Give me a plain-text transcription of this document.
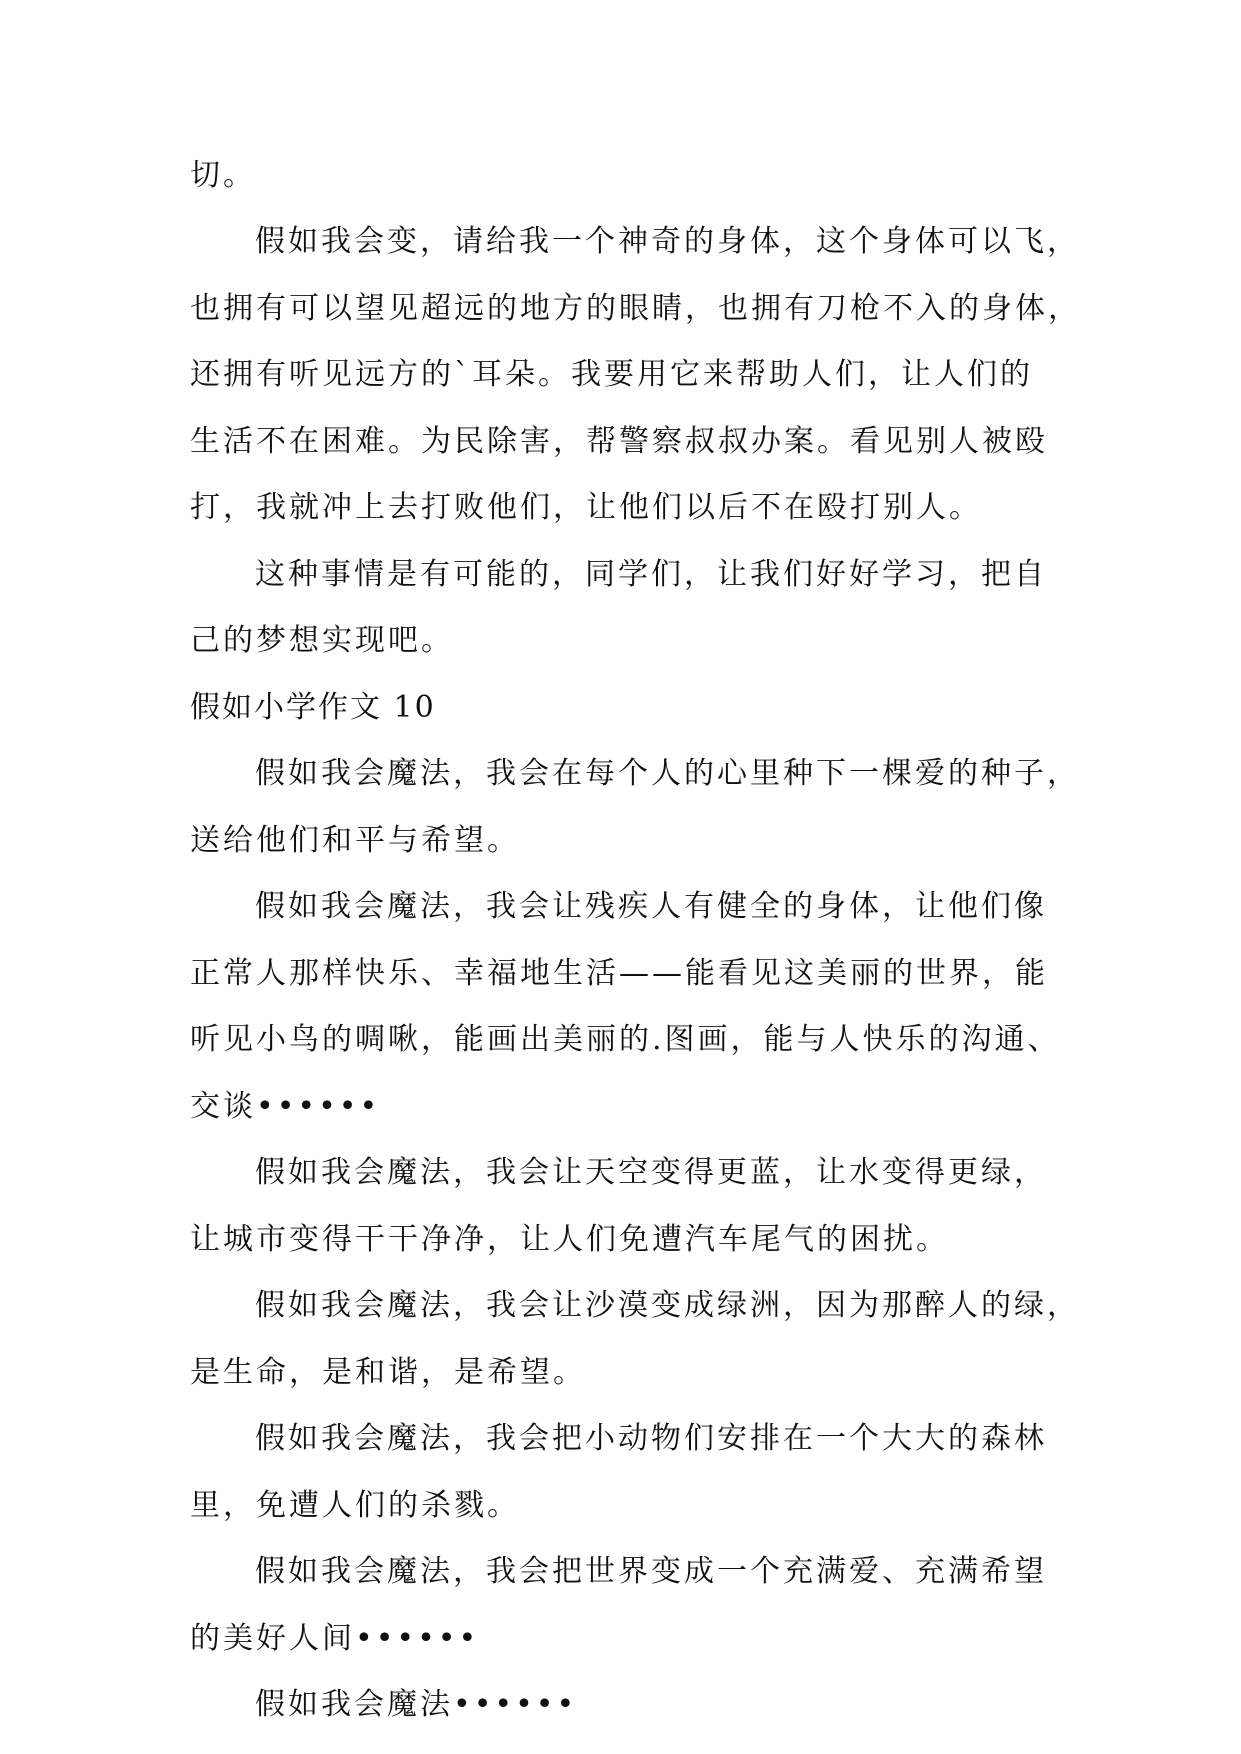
切。
假如我会变，请给我一个神奇的身体，这个身体可以飞，
也拥有可以望见超远的地方的眼睛，也拥有刀枪不入的身体，
还拥有听见远方的`耳朵。我要用它来帮助人们，让人们的
生活不在困难。为民除害，帮警察叔叔办案。看见别人被殴
打，我就冲上去打败他们，让他们以后不在殴打别人。
这种事情是有可能的，同学们，让我们好好学习，把自
己的梦想实现吧。
假如小学作文 10
假如我会魔法，我会在每个人的心里种下一棵爱的种子，
送给他们和平与希望。
假如我会魔法，我会让残疾人有健全的身体，让他们像
正常人那样快乐、幸福地生活——能看见这美丽的世界，能
听见小鸟的啁啾，能画出美丽的.图画，能与人快乐的沟通、
交谈••••••
假如我会魔法，我会让天空变得更蓝，让水变得更绿，
让城市变得干干净净，让人们免遭汽车尾气的困扰。
假如我会魔法，我会让沙漠变成绿洲，因为那醉人的绿，
是生命，是和谐，是希望。
假如我会魔法，我会把小动物们安排在一个大大的森林
里，免遭人们的杀戮。
假如我会魔法，我会把世界变成一个充满爱、充满希望
的美好人间••••••
假如我会魔法••••••
